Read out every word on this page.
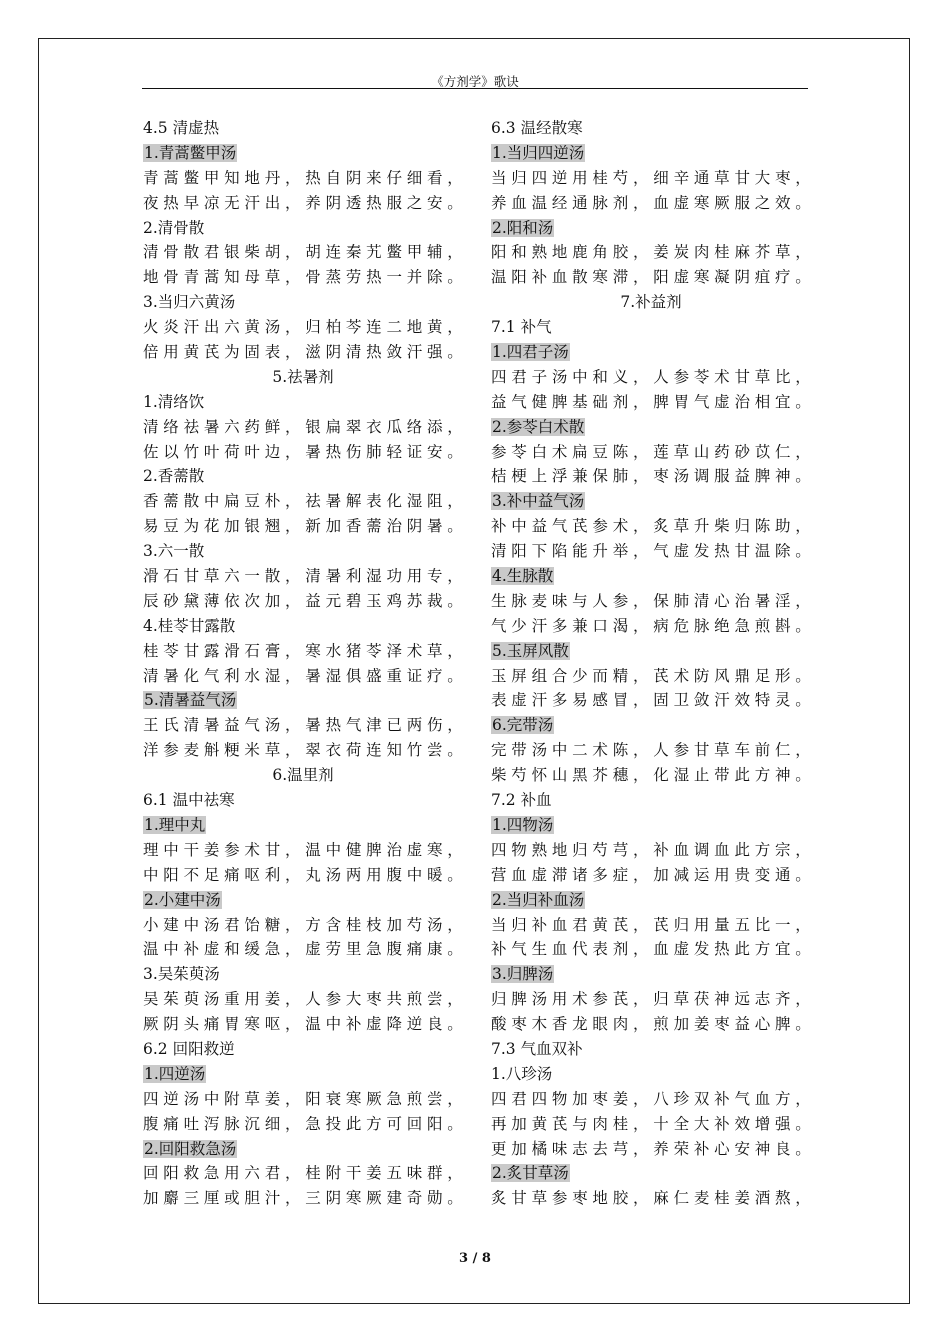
《方剂学》歌诀
4.5 清虚热
1.青蒿鳖甲汤
青蒿鳖甲知地丹，热自阴来仔细看，
夜热早凉无汗出，养阴透热服之安。
2.清骨散
清骨散君银柴胡，胡连秦艽鳖甲辅，
地骨青蒿知母草，骨蒸劳热一并除。
3.当归六黄汤
火炎汗出六黄汤，归柏芩连二地黄，
倍用黄芪为固表，滋阴清热敛汗强。
5.祛暑剂
1.清络饮
清络祛暑六药鲜，银扁翠衣瓜络添，
佐以竹叶荷叶边，暑热伤肺轻证安。
2.香薷散
香薷散中扁豆朴，祛暑解表化湿阻，
易豆为花加银翘，新加香薷治阴暑。
3.六一散
滑石甘草六一散，清暑利湿功用专，
辰砂黛薄依次加，益元碧玉鸡苏裁。
4.桂苓甘露散
桂苓甘露滑石膏，寒水猪苓泽术草，
清暑化气利水湿，暑湿俱盛重证疗。
5.清暑益气汤
王氏清暑益气汤，暑热气津已两伤，
洋参麦斛粳米草，翠衣荷连知竹尝。
6.温里剂
6.1 温中祛寒
1.理中丸
理中干姜参术甘，温中健脾治虚寒，
中阳不足痛呕利，丸汤两用腹中暖。
2.小建中汤
小建中汤君饴糖，方含桂枝加芍汤，
温中补虚和缓急，虚劳里急腹痛康。
3.吴茱萸汤
吴茱萸汤重用姜，人参大枣共煎尝，
厥阴头痛胃寒呕，温中补虚降逆良。
6.2 回阳救逆
1.四逆汤
四逆汤中附草姜，阳衰寒厥急煎尝，
腹痛吐泻脉沉细，急投此方可回阳。
2.回阳救急汤
回阳救急用六君，桂附干姜五味群，
加麝三厘或胆汁，三阴寒厥建奇勋。
6.3 温经散寒
1.当归四逆汤
当归四逆用桂芍，细辛通草甘大枣，
养血温经通脉剂，血虚寒厥服之效。
2.阳和汤
阳和熟地鹿角胶，姜炭肉桂麻芥草，
温阳补血散寒滞，阳虚寒凝阴疽疗。
7.补益剂
7.1 补气
1.四君子汤
四君子汤中和义，人参苓术甘草比，
益气健脾基础剂，脾胃气虚治相宜。
2.参苓白术散
参苓白术扁豆陈，莲草山药砂苡仁，
桔梗上浮兼保肺，枣汤调服益脾神。
3.补中益气汤
补中益气芪参术，炙草升柴归陈助，
清阳下陷能升举，气虚发热甘温除。
4.生脉散
生脉麦味与人参，保肺清心治暑淫，
气少汗多兼口渴，病危脉绝急煎斟。
5.玉屏风散
玉屏组合少而精，芪术防风鼎足形。
表虚汗多易感冒，固卫敛汗效特灵。
6.完带汤
完带汤中二术陈，人参甘草车前仁，
柴芍怀山黑芥穗，化湿止带此方神。
7.2 补血
1.四物汤
四物熟地归芍芎，补血调血此方宗，
营血虚滞诸多症，加减运用贵变通。
2.当归补血汤
当归补血君黄芪，芪归用量五比一，
补气生血代表剂，血虚发热此方宜。
3.归脾汤
归脾汤用术参芪，归草茯神远志齐，
酸枣木香龙眼肉，煎加姜枣益心脾。
7.3 气血双补
1.八珍汤
四君四物加枣姜，八珍双补气血方，
再加黄芪与肉桂，十全大补效增强。
更加橘味志去芎，养荣补心安神良。
2.炙甘草汤
炙甘草参枣地胶，麻仁麦桂姜酒熬，
3 / 8
